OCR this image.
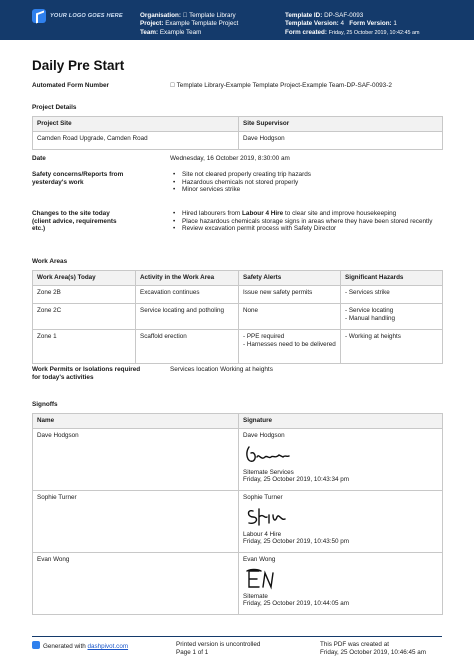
YOUR LOGO GOES HERE	Organisation: Template Library
Project: Example Template Project
Team: Example Team
Template ID: DP-SAF-0093
Template Version: 4 Form Version: 1
Form created: Friday, 25 October 2019, 10:42:45 am
Daily Pre Start
Automated Form Number	Template Library-Example Template Project-Example Team-DP-SAF-0093-2
Project Details
Project Site	Site Supervisor
Camden Road Upgrade, Camden Road	Dave Hodgson
Date	Wednesday, 16 October 2019, 8:30:00 am
Safety concerns/Reports from yesterday's work
• Site not cleared properly creating trip hazards
• Hazardous chemicals not stored properly
• Minor services strike
Changes to the site today (client advice, requirements etc.)
• Hired labourers from Labour 4 Hire to clear site and improve housekeeping
• Place hazardous chemicals storage signs in areas where they have been stored recently
• Review excavation permit process with Safety Director
Work Areas
Work Area(s) Today	Activity in the Work Area	Safety Alerts	Significant Hazards
Zone 2B	Excavation continues	Issue new safety permits	- Services strike
Zone 2C	Service locating and potholing	None	- Service locating
- Manual handling
Zone 1	Scaffold erection	- PPE required
- Harnesses need to be delivered	- Working at heights
Work Permits or Isolations required for today's activities
Services location Working at heights
Signoffs
Name	Signature
Dave Hodgson	Dave Hodgson
Sitemate Services
Friday, 25 October 2019, 10:43:34 pm

Sophie Turner	Sophie Turner
Labour 4 Hire
Friday, 25 October 2019, 10:43:50 pm

Evan Wong	Evan Wong
Sitemate
Friday, 25 October 2019, 10:44:05 am
Generated with dashpivot.com	Printed version is uncontrolled
Page 1 of 1
This PDF was created at
Friday, 25 October 2019, 10:46:45 am
